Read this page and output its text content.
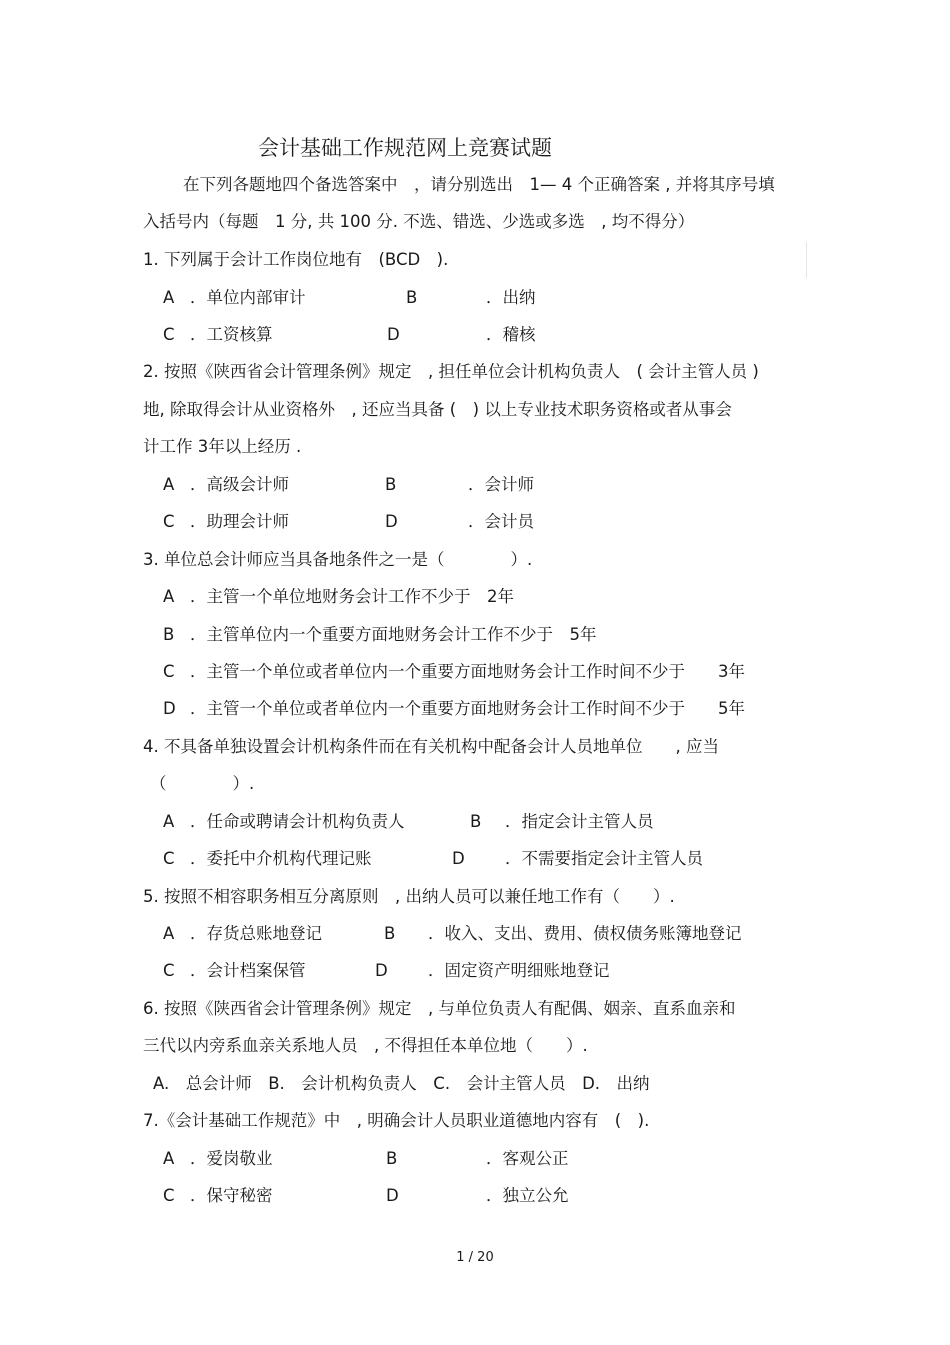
会计基础工作规范网上竞赛试题
在下列各题地四个备选答案中　，请分别选出　1— 4 个正确答案 , 并将其序号填
入括号内（每题　1 分, 共 100 分. 不选、错选、少选或多选　, 均不得分）
1. 下列属于会计工作岗位地有　(BCD　).
A ．单位内部审计	B	．出纳
C ．工资核算	D	．稽核
2. 按照《陕西省会计管理条例》规定　, 担任单位会计机构负责人　( 会计主管人员 )
地, 除取得会计从业资格外　, 还应当具备 (　) 以上专业技术职务资格或者从事会
计工作 3年以上经历 .
A ．高级会计师	B	．会计师
C ．助理会计师	D	．会计员
3. 单位总会计师应当具备地条件之一是（　　　　）.
A ．主管一个单位地财务会计工作不少于　2年
B ．主管单位内一个重要方面地财务会计工作不少于　5年
C ．主管一个单位或者单位内一个重要方面地财务会计工作时间不少于　　3年
D ．主管一个单位或者单位内一个重要方面地财务会计工作时间不少于　　5年
4. 不具备单独设置会计机构条件而在有关机构中配备会计人员地单位　　, 应当
（　　　　）.
A ．任命或聘请会计机构负责人	B ．指定会计主管人员
C ．委托中介机构代理记账	D ．不需要指定会计主管人员
5. 按照不相容职务相互分离原则　, 出纳人员可以兼任地工作有（　　）.
A ．存货总账地登记	B ．收入、支出、费用、债权债务账簿地登记
C ．会计档案保管	D ．固定资产明细账地登记
6. 按照《陕西省会计管理条例》规定　, 与单位负责人有配偶、姻亲、直系血亲和
三代以内旁系血亲关系地人员　, 不得担任本单位地（　　）.
A.　总会计师　B.　会计机构负责人　C.　会计主管人员　D.　出纳
7.《会计基础工作规范》中　, 明确会计人员职业道德地内容有　(　).
A ．爱岗敬业	B	．客观公正
C ．保守秘密	D	．独立公允
1 / 20
